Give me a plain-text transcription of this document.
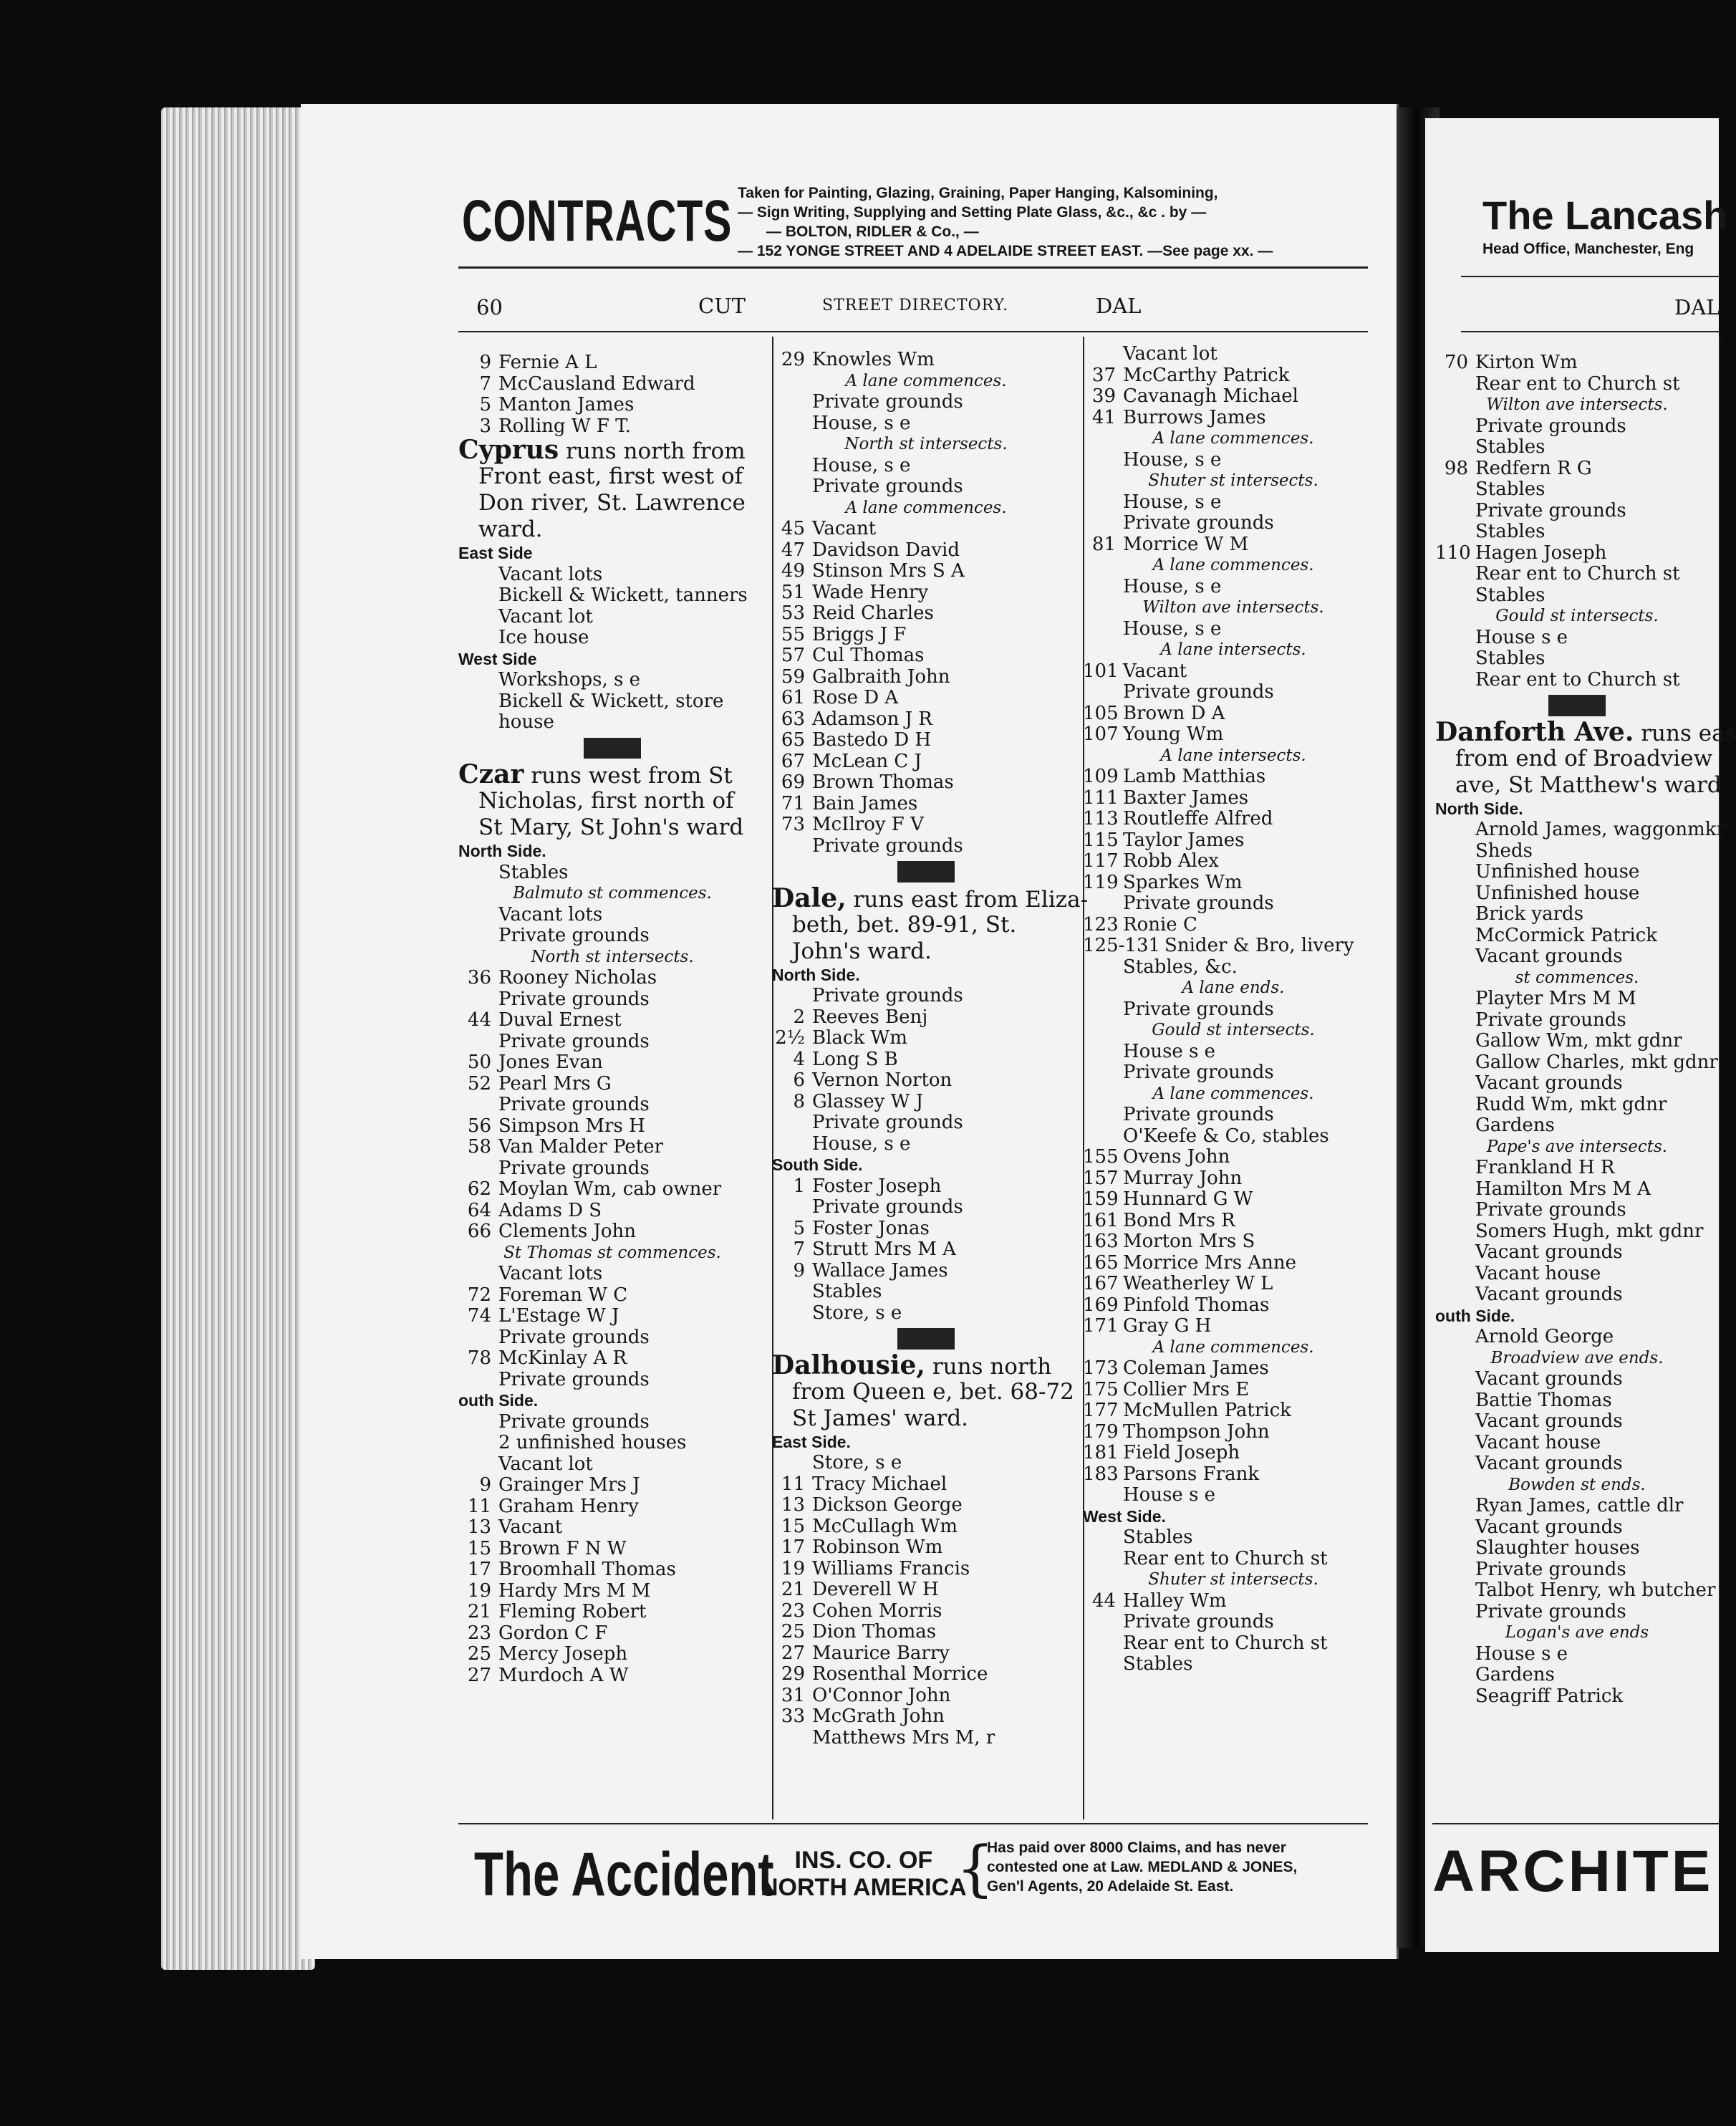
CONTRACTS Taken for Painting, Glazing, Graining, Paper Hanging, Kalsomining,
— Sign Writing, Supplying and Setting Plate Glass, &c., &c . by —
— BOLTON, RIDLER & Co., —
— 152 YONGE STREET AND 4 ADELAIDE STREET EAST. —See page xx. —
60	CUT	STREET DIRECTORY.	DAL
9 Fernie A L
7 McCausland Edward
5 Manton James
3 Rolling W F T.
Cyprus runs north from
Front east, first west of
Don river, St. Lawrence
ward.
East Side
Vacant lots
Bickell & Wickett, tanners
Vacant lot
Ice house
West Side
Workshops, s e
Bickell & Wickett, store
house
Czar runs west from St
Nicholas, first north of
St Mary, St John's ward
North Side.
Stables
Balmuto st commences.
Vacant lots
Private grounds
North st intersects.
36 Rooney Nicholas
Private grounds
44 Duval Ernest
Private grounds
50 Jones Evan
52 Pearl Mrs G
Private grounds
56 Simpson Mrs H
58 Van Malder Peter
Private grounds
62 Moylan Wm, cab owner
64 Adams D S
66 Clements John
St Thomas st commences.
Vacant lots
72 Foreman W C
74 L'Estage W J
Private grounds
78 McKinlay A R
Private grounds
outh Side.
Private grounds
2 unfinished houses
Vacant lot
9 Grainger Mrs J
11 Graham Henry
13 Vacant
15 Brown F N W
17 Broomhall Thomas
19 Hardy Mrs M M
21 Fleming Robert
23 Gordon C F
25 Mercy Joseph
27 Murdoch A W
29 Knowles Wm
A lane commences.
Private grounds
House, s e
North st intersects.
House, s e
Private grounds
A lane commences.
45 Vacant
47 Davidson David
49 Stinson Mrs S A
51 Wade Henry
53 Reid Charles
55 Briggs J F
57 Cul Thomas
59 Galbraith John
61 Rose D A
63 Adamson J R
65 Bastedo D H
67 McLean C J
69 Brown Thomas
71 Bain James
73 McIlroy F V
Private grounds
Dale, runs east from Eliza-
beth, bet. 89-91, St.
John's ward.
North Side.
Private grounds
2 Reeves Benj
2½ Black Wm
4 Long S B
6 Vernon Norton
8 Glassey W J
Private grounds
House, s e
South Side.
1 Foster Joseph
Private grounds
5 Foster Jonas
7 Strutt Mrs M A
9 Wallace James
Stables
Store, s e
Dalhousie, runs north
from Queen e, bet. 68-72
St James' ward.
East Side.
Store, s e
11 Tracy Michael
13 Dickson George
15 McCullagh Wm
17 Robinson Wm
19 Williams Francis
21 Deverell W H
23 Cohen Morris
25 Dion Thomas
27 Maurice Barry
29 Rosenthal Morrice
31 O'Connor John
33 McGrath John
Matthews Mrs M, r
Vacant lot
37 McCarthy Patrick
39 Cavanagh Michael
41 Burrows James
A lane commences.
House, s e
Shuter st intersects.
House, s e
Private grounds
81 Morrice W M
A lane commences.
House, s e
Wilton ave intersects.
House, s e
A lane intersects.
101 Vacant
Private grounds
105 Brown D A
107 Young Wm
A lane intersects.
109 Lamb Matthias
111 Baxter James
113 Routleffe Alfred
115 Taylor James
117 Robb Alex
119 Sparkes Wm
Private grounds
123 Ronie C
125-131 Snider & Bro, livery
Stables, &c.
A lane ends.
Private grounds
Gould st intersects.
House s e
Private grounds
A lane commences.
Private grounds
O'Keefe & Co, stables
155 Ovens John
157 Murray John
159 Hunnard G W
161 Bond Mrs R
163 Morton Mrs S
165 Morrice Mrs Anne
167 Weatherley W L
169 Pinfold Thomas
171 Gray G H
A lane commences.
173 Coleman James
175 Collier Mrs E
177 McMullen Patrick
179 Thompson John
181 Field Joseph
183 Parsons Frank
House s e
West Side.
Stables
Rear ent to Church st
Shuter st intersects.
44 Halley Wm
Private grounds
Rear ent to Church st
Stables
The Accident INS. CO. OF
NORTH AMERICA
{
Has paid over 8000 Claims, and has never
contested one at Law. MEDLAND & JONES,
Gen'l Agents, 20 Adelaide St. East.
The Lancash
Head Office, Manchester, Eng
DAL
70 Kirton Wm
Rear ent to Church st
Wilton ave intersects.
Private grounds
Stables
98 Redfern R G
Stables
Private grounds
Stables
110 Hagen Joseph
Rear ent to Church st
Stables
Gould st intersects.
House s e
Stables
Rear ent to Church st
Danforth Ave. runs eas
from end of Broadview
ave, St Matthew's ward
North Side.
Arnold James, waggonmkr
Sheds
Unfinished house
Unfinished house
Brick yards
McCormick Patrick
Vacant grounds
st commences.
Playter Mrs M M
Private grounds
Gallow Wm, mkt gdnr
Gallow Charles, mkt gdnr
Vacant grounds
Rudd Wm, mkt gdnr
Gardens
Pape's ave intersects.
Frankland H R
Hamilton Mrs M A
Private grounds
Somers Hugh, mkt gdnr
Vacant grounds
Vacant house
Vacant grounds
outh Side.
Arnold George
Broadview ave ends.
Vacant grounds
Battie Thomas
Vacant grounds
Vacant house
Vacant grounds
Bowden st ends.
Ryan James, cattle dlr
Vacant grounds
Slaughter houses
Private grounds
Talbot Henry, wh butcher
Private grounds
Logan's ave ends
House s e
Gardens
Seagriff Patrick
ARCHITE
